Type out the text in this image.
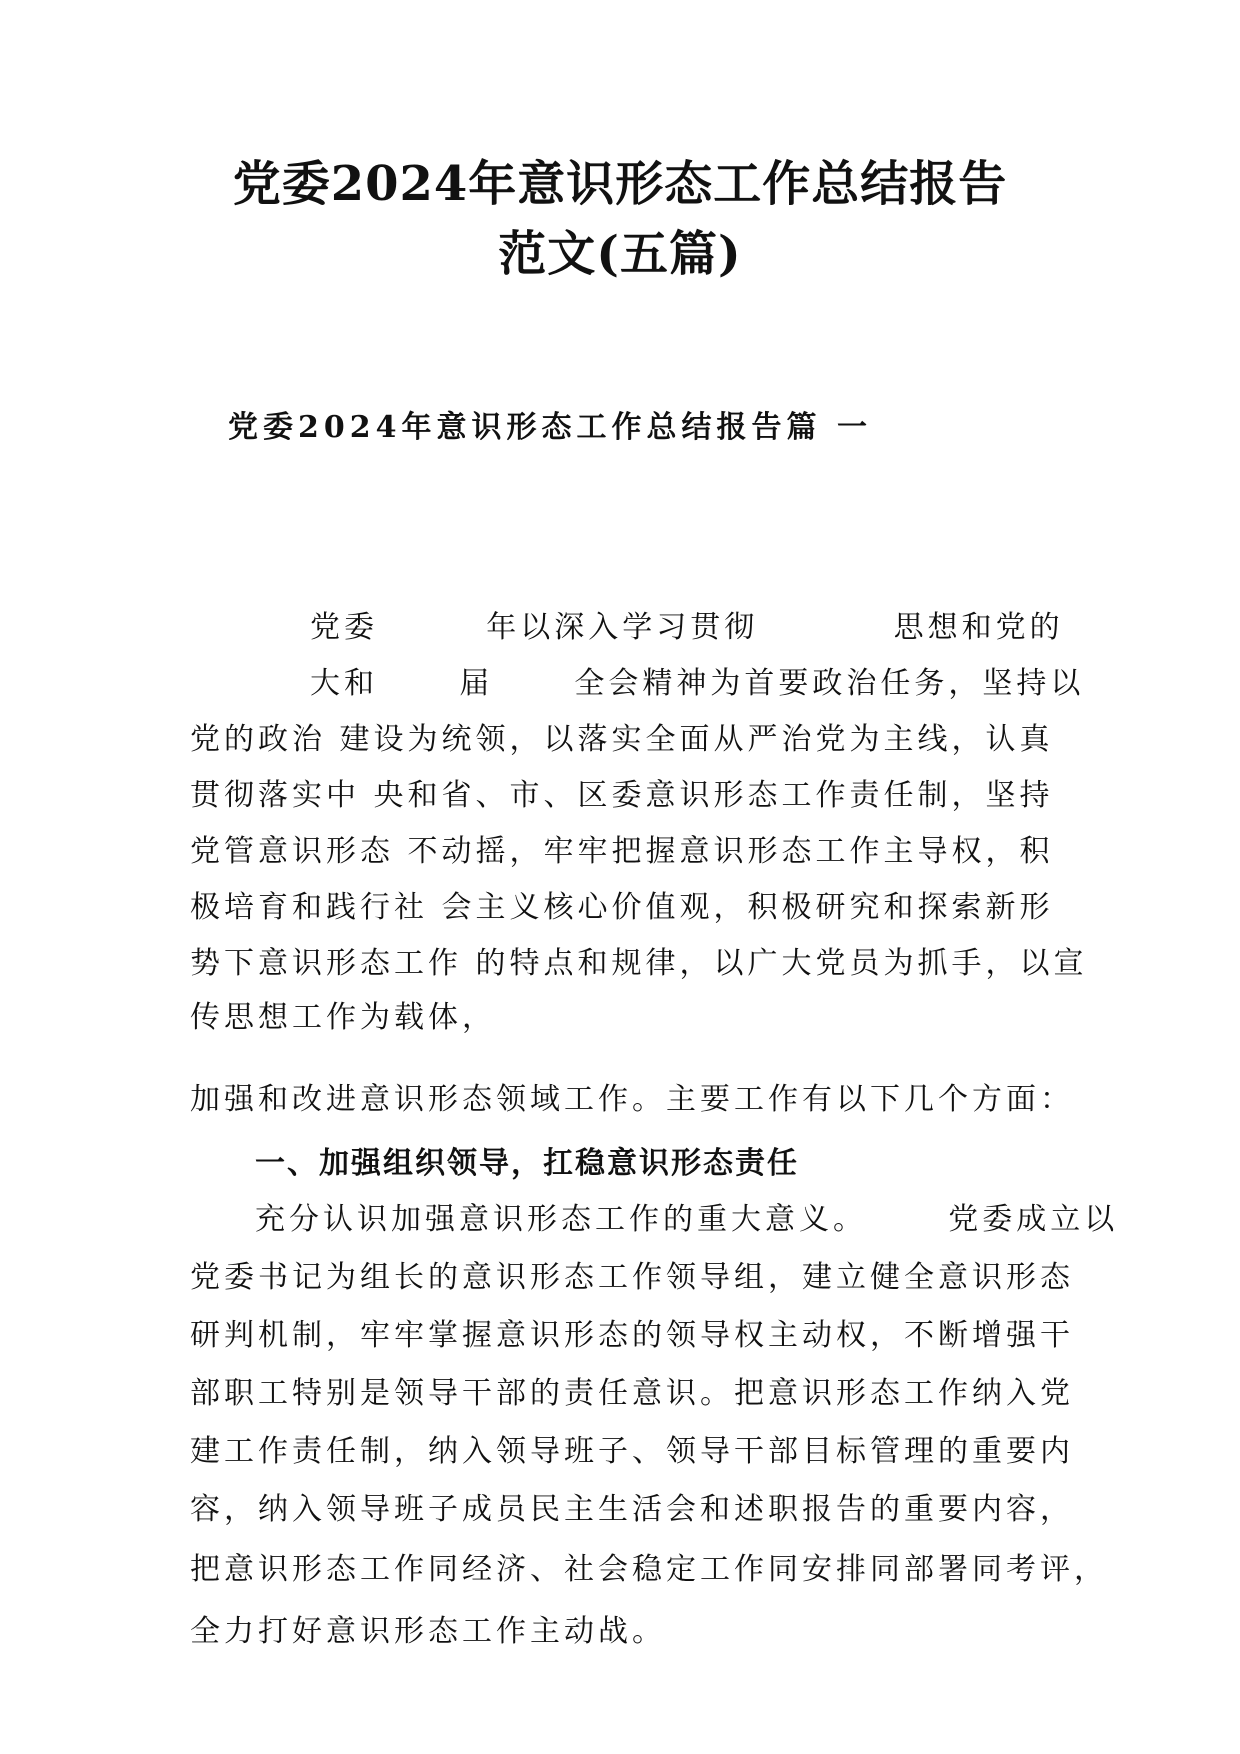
党委2024年意识形态工作总结报告
范文(五篇)
党委2024年意识形态工作总结报告篇 一
党委        年以深入学习贯彻          思想和党的
大和      届      全会精神为首要政治任务，坚持以
党的政治 建设为统领，以落实全面从严治党为主线，认真
贯彻落实中 央和省、市、区委意识形态工作责任制，坚持
党管意识形态 不动摇，牢牢把握意识形态工作主导权，积
极培育和践行社 会主义核心价值观，积极研究和探索新形
势下意识形态工作 的特点和规律，以广大党员为抓手，以宣
传思想工作为载体，
加强和改进意识形态领域工作。主要工作有以下几个方面：
一、加强组织领导，扛稳意识形态责任
充分认识加强意识形态工作的重大意义。      党委成立以
党委书记为组长的意识形态工作领导组，建立健全意识形态
研判机制，牢牢掌握意识形态的领导权主动权，不断增强干
部职工特别是领导干部的责任意识。把意识形态工作纳入党
建工作责任制，纳入领导班子、领导干部目标管理的重要内
容，纳入领导班子成员民主生活会和述职报告的重要内容，
把意识形态工作同经济、社会稳定工作同安排同部署同考评，
全力打好意识形态工作主动战。
